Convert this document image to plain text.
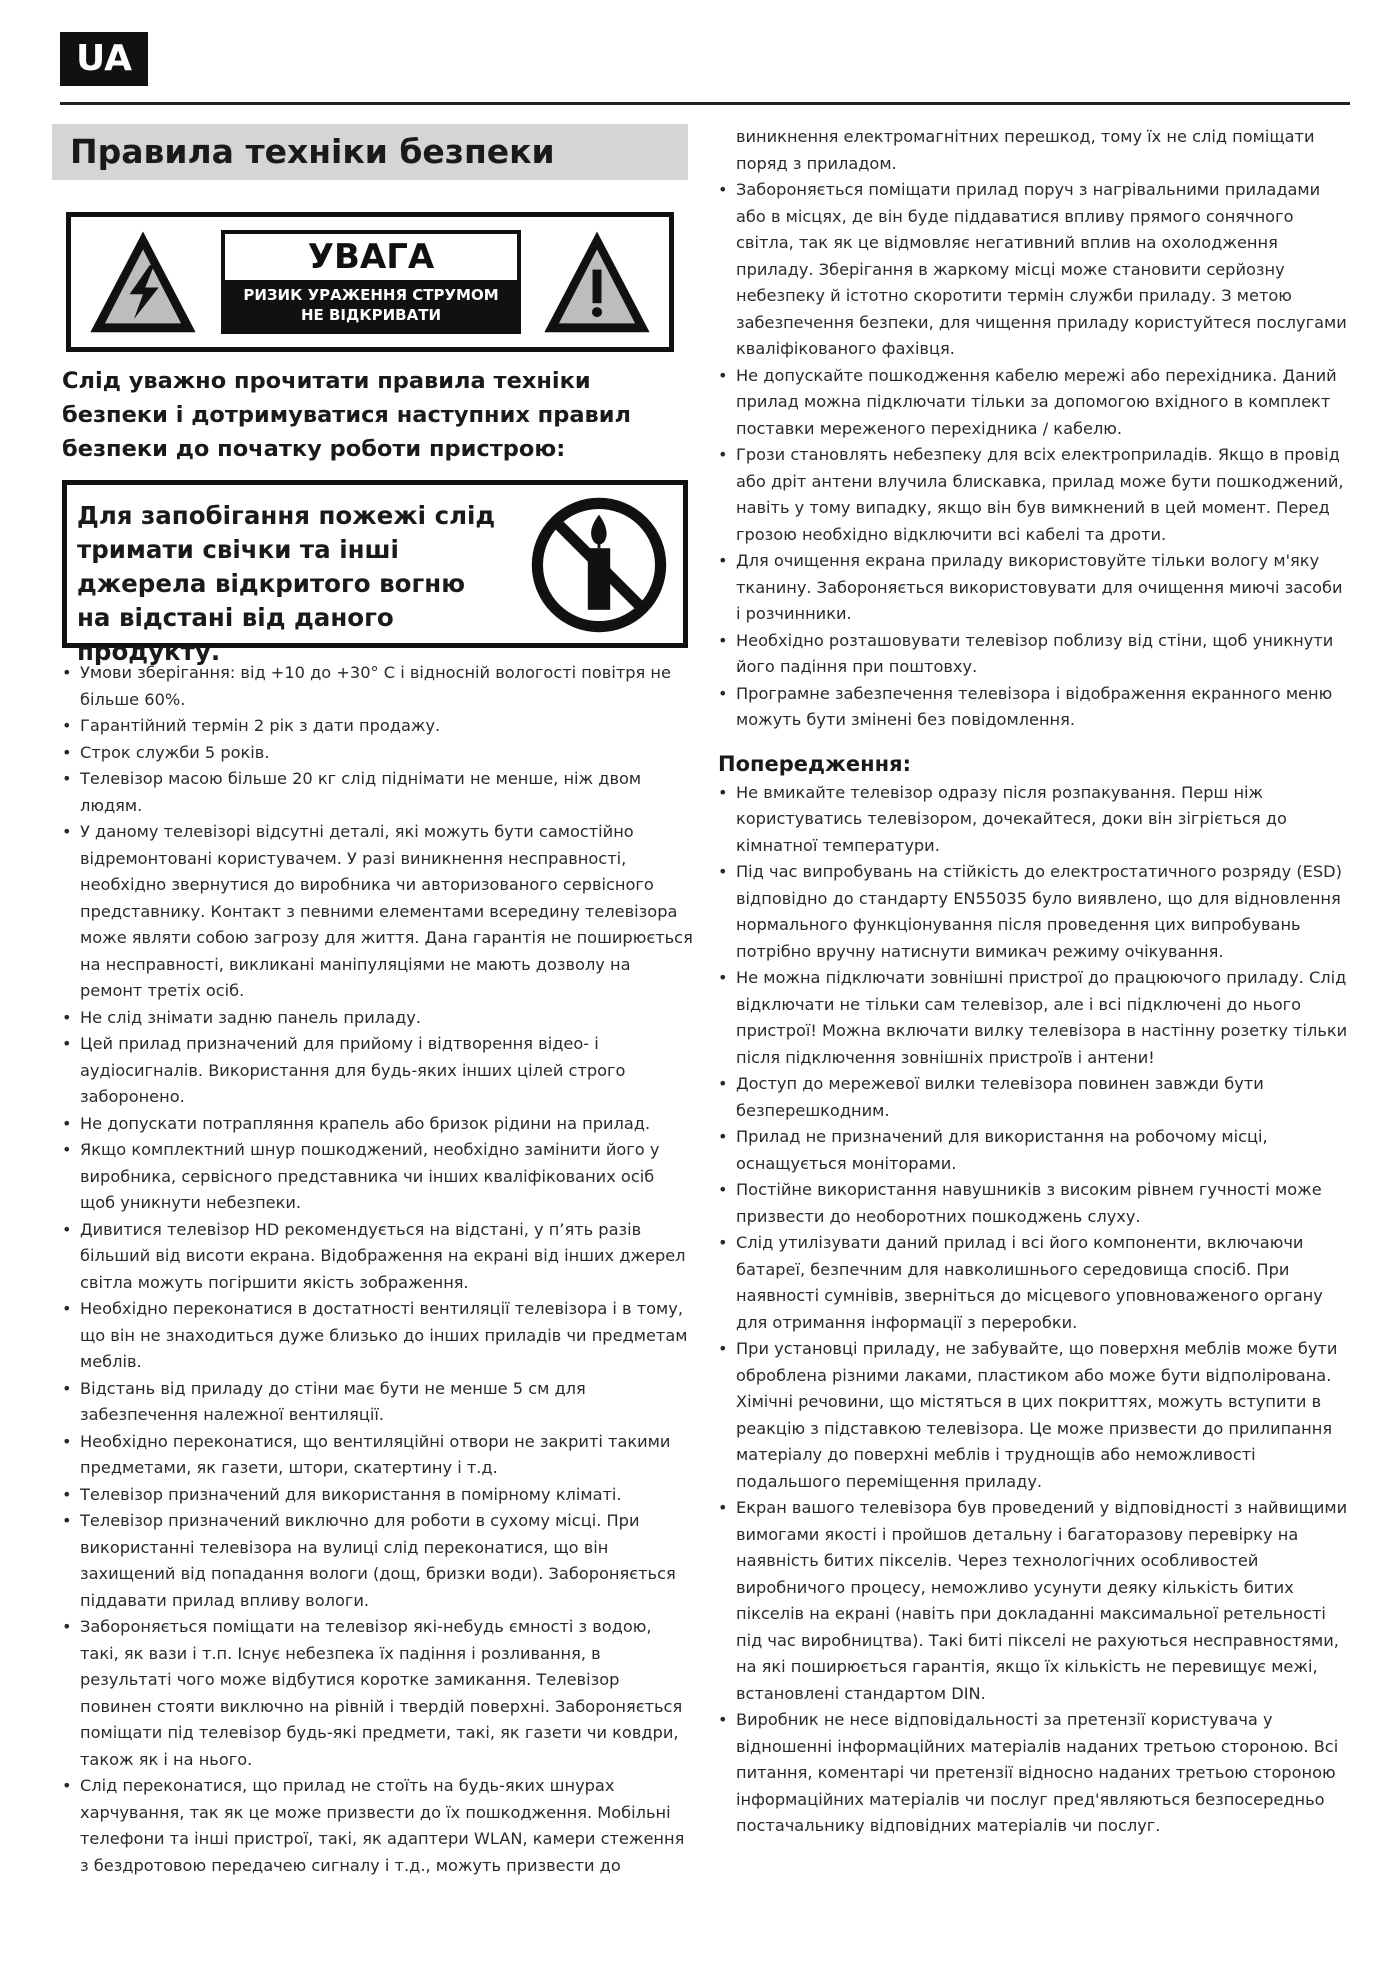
UA
Правила техніки безпеки
УВАГА
РИЗИК УРАЖЕННЯ СТРУМОМ
НЕ ВІДКРИВАТИ
Слід уважно прочитати правила техніки безпеки і дотримуватися наступних правил безпеки до початку роботи пристрою:
Для запобігання пожежі слід тримати свічки та інші джерела відкритого вогню на відстані від даного продукту.
• Умови зберігання: від +10 до +30° С і відносній вологості повітря не більше 60%.
• Гарантійний термін 2 рік з дати продажу.
• Строк служби 5 років.
• Телевізор масою більше 20 кг слід піднімати не менше, ніж двом людям.
• У даному телевізорі відсутні деталі, які можуть бути самостійно відремонтовані користувачем. У разі виникнення несправності, необхідно звернутися до виробника чи авторизованого сервісного представнику. Контакт з певними елементами всередину телевізора може являти собою загрозу для життя. Дана гарантія не поширюється на несправності, викликані маніпуляціями не мають дозволу на ремонт третіх осіб.
• Не слід знімати задню панель приладу.
• Цей прилад призначений для прийому і відтворення відео- і аудіосигналів. Використання для будь-яких інших цілей строго заборонено.
• Не допускати потрапляння крапель або бризок рідини на прилад.
• Якщо комплектний шнур пошкоджений, необхідно замінити його у виробника, сервісного представника чи інших кваліфікованих осіб щоб уникнути небезпеки.
• Дивитися телевізор HD рекомендується на відстані, у п’ять разів більший від висоти екрана. Відображення на екрані від інших джерел світла можуть погіршити якість зображення.
• Необхідно переконатися в достатності вентиляції телевізора і в тому, що він не знаходиться дуже близько до інших приладів чи предметам меблів.
• Відстань від приладу до стіни має бути не менше 5 см для забезпечення належної вентиляції.
• Необхідно переконатися, що вентиляційні отвори не закриті такими предметами, як газети, штори, скатертину і т.д.
• Телевізор призначений для використання в помірному кліматі.
• Телевізор призначений виключно для роботи в сухому місці. При використанні телевізора на вулиці слід переконатися, що він захищений від попадання вологи (дощ, бризки води). Забороняється піддавати прилад впливу вологи.
• Забороняється поміщати на телевізор які-небудь ємності з водою, такі, як вази і т.п. Існує небезпека їх падіння і розливання, в результаті чого може відбутися коротке замикання. Телевізор повинен стояти виключно на рівній і твердій поверхні. Забороняється поміщати під телевізор будь-які предмети, такі, як газети чи ковдри, також як і на нього.
• Слід переконатися, що прилад не стоїть на будь-яких шнурах харчування, так як це може призвести до їх пошкодження. Мобільні телефони та інші пристрої, такі, як адаптери WLAN, камери стеження з бездротовою передачею сигналу і т.д., можуть призвести до
виникнення електромагнітних перешкод, тому їх не слід поміщати поряд з приладом.
• Забороняється поміщати прилад поруч з нагрівальними приладами або в місцях, де він буде піддаватися впливу прямого сонячного світла, так як це відмовляє негативний вплив на охолодження приладу. Зберігання в жаркому місці може становити серйозну небезпеку й істотно скоротити термін служби приладу. З метою забезпечення безпеки, для чищення приладу користуйтеся послугами кваліфікованого фахівця.
• Не допускайте пошкодження кабелю мережі або перехідника. Даний прилад можна підключати тільки за допомогою вхідного в комплект поставки мереженого перехідника / кабелю.
• Грози становлять небезпеку для всіх електроприладів. Якщо в провід або дріт антени влучила блискавка, прилад може бути пошкоджений, навіть у тому випадку, якщо він був вимкнений в цей момент. Перед грозою необхідно відключити всі кабелі та дроти.
• Для очищення екрана приладу використовуйте тільки вологу м'яку тканину. Забороняється використовувати для очищення миючі засоби і розчинники.
• Необхідно розташовувати телевізор поблизу від стіни, щоб уникнути його падіння при поштовху.
• Програмне забезпечення телевізора і відображення екранного меню можуть бути змінені без повідомлення.
Попередження:
• Не вмикайте телевізор одразу після розпакування. Перш ніж користуватись телевізором, дочекайтеся, доки він зігріється до кімнатної температури.
• Під час випробувань на стійкість до електростатичного розряду (ESD) відповідно до стандарту EN55035 було виявлено, що для відновлення нормального функціонування після проведення цих випробувань потрібно вручну натиснути вимикач режиму очікування.
• Не можна підключати зовнішні пристрої до працюючого приладу. Слід відключати не тільки сам телевізор, але і всі підключені до нього пристрої! Можна включати вилку телевізора в настінну розетку тільки після підключення зовнішніх пристроїв і антени!
• Доступ до мережевої вилки телевізора повинен завжди бути безперешкодним.
• Прилад не призначений для використання на робочому місці, оснащується моніторами.
• Постійне використання навушників з високим рівнем гучності може призвести до необоротних пошкоджень слуху.
• Слід утилізувати даний прилад і всі його компоненти, включаючи батареї, безпечним для навколишнього середовища спосіб. При наявності сумнівів, зверніться до місцевого уповноваженого органу для отримання інформації з переробки.
• При установці приладу, не забувайте, що поверхня меблів може бути оброблена різними лаками, пластиком або може бути відполірована. Хімічні речовини, що містяться в цих покриттях, можуть вступити в реакцію з підставкою телевізора. Це може призвести до прилипання матеріалу до поверхні меблів і труднощів або неможливості подальшого переміщення приладу.
• Екран вашого телевізора був проведений у відповідності з найвищими вимогами якості і пройшов детальну і багаторазову перевірку на наявність битих пікселів. Через технологічних особливостей виробничого процесу, неможливо усунути деяку кількість битих пікселів на екрані (навіть при докладанні максимальної ретельності під час виробництва). Такі биті пікселі не рахуються несправностями, на які поширюється гарантія, якщо їх кількість не перевищує межі, встановлені стандартом DIN.
• Виробник не несе відповідальності за претензії користувача у відношенні інформаційних матеріалів наданих третьою стороною. Всі питання, коментарі чи претензії відносно наданих третьою стороною інформаційних матеріалів чи послуг пред'являються безпосередньо постачальнику відповідних матеріалів чи послуг.
